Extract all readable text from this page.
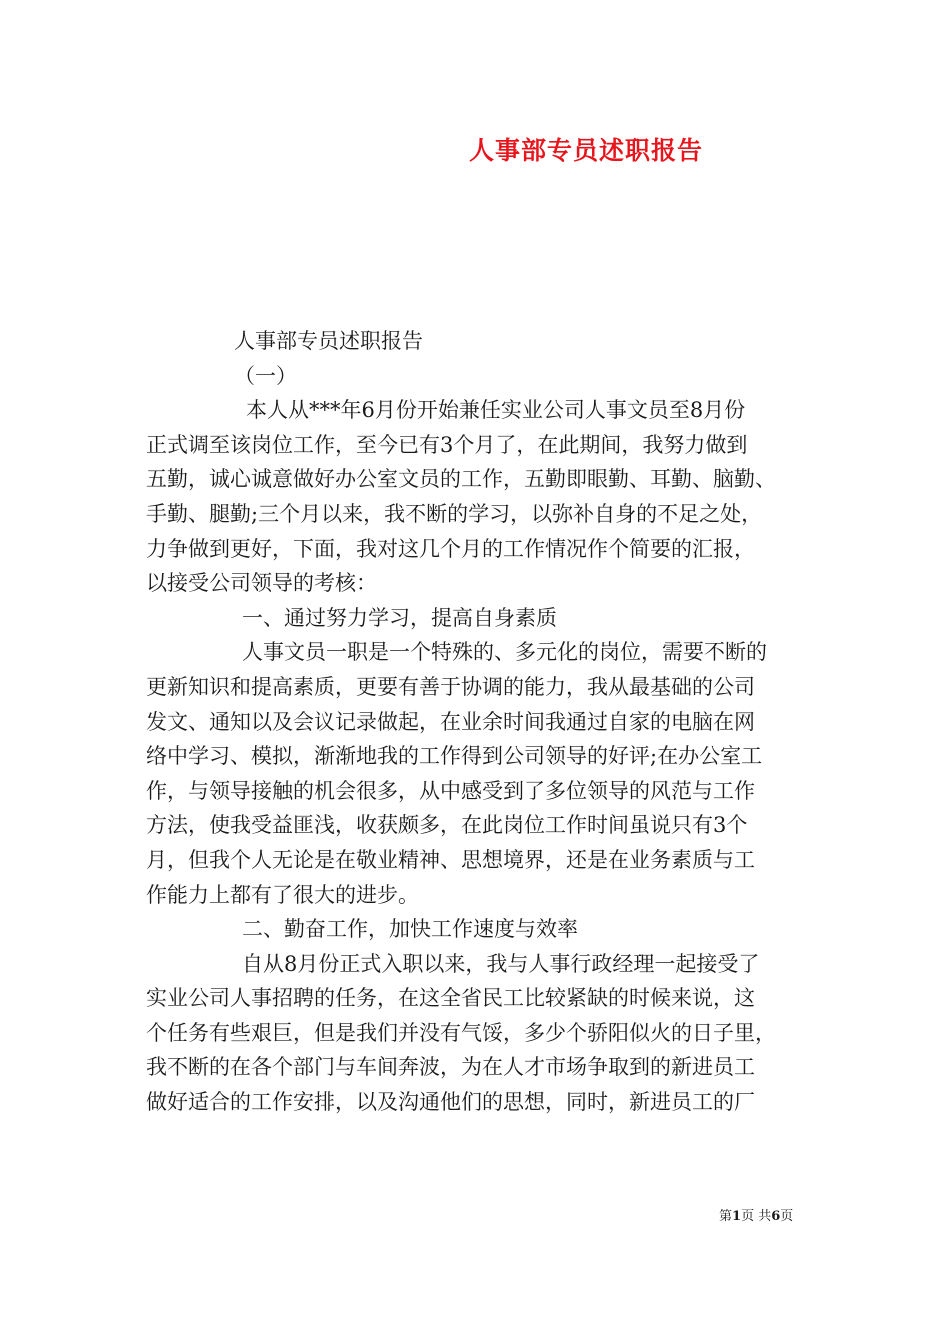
人事部专员述职报告
人事部专员述职报告
（一）
本人从***年6月份开始兼任实业公司人事文员至8月份
正式调至该岗位工作，至今已有3个月了，在此期间，我努力做到
五勤，诚心诚意做好办公室文员的工作，五勤即眼勤、耳勤、脑勤、
手勤、腿勤;三个月以来，我不断的学习，以弥补自身的不足之处，
力争做到更好，下面，我对这几个月的工作情况作个简要的汇报，
以接受公司领导的考核：
一、通过努力学习，提高自身素质
人事文员一职是一个特殊的、多元化的岗位，需要不断的
更新知识和提高素质，更要有善于协调的能力，我从最基础的公司
发文、通知以及会议记录做起，在业余时间我通过自家的电脑在网
络中学习、模拟，渐渐地我的工作得到公司领导的好评;在办公室工
作，与领导接触的机会很多，从中感受到了多位领导的风范与工作
方法，使我受益匪浅，收获颇多，在此岗位工作时间虽说只有3个
月，但我个人无论是在敬业精神、思想境界，还是在业务素质与工
作能力上都有了很大的进步。
二、勤奋工作，加快工作速度与效率
自从8月份正式入职以来，我与人事行政经理一起接受了
实业公司人事招聘的任务，在这全省民工比较紧缺的时候来说，这
个任务有些艰巨，但是我们并没有气馁，多少个骄阳似火的日子里，
我不断的在各个部门与车间奔波，为在人才市场争取到的新进员工
做好适合的工作安排，以及沟通他们的思想，同时，新进员工的厂
第1页 共6页
